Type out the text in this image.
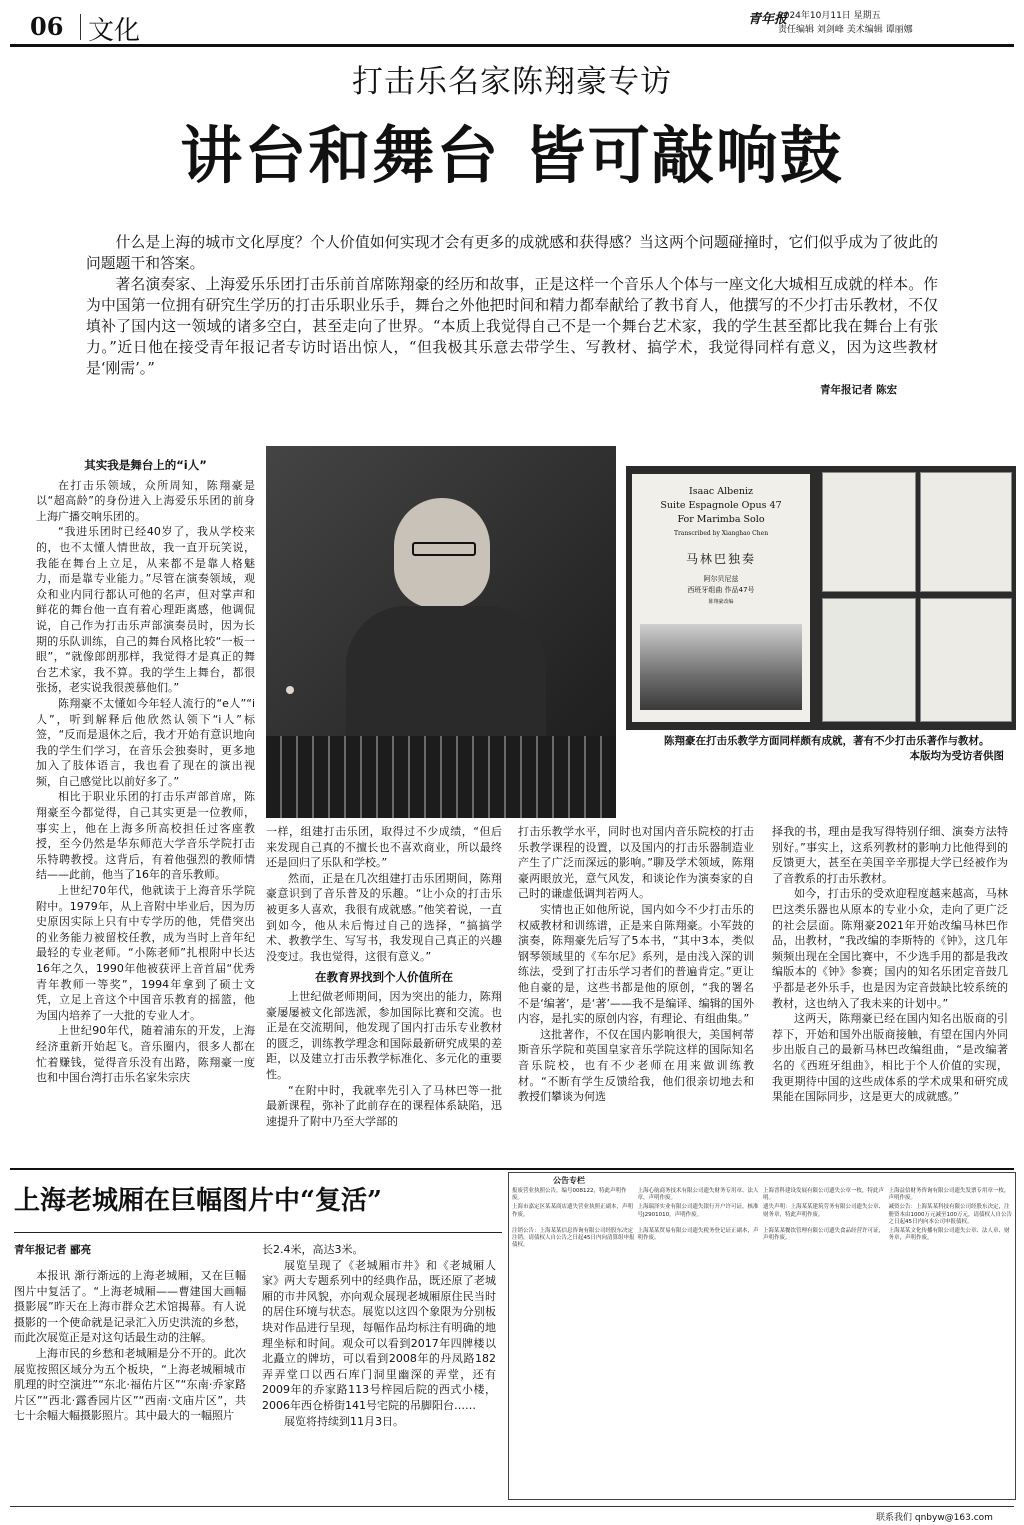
06 文化	青年报
2024年10月11日 星期五
责任编辑 刘剑峰 美术编辑 谭丽娜
打击乐名家陈翔豪专访
讲台和舞台 皆可敲响鼓

什么是上海的城市文化厚度？个人价值如何实现才会有更多的成就感和获得感？当这两个问题碰撞时，它们似乎成为了彼此的问题题干和答案。

著名演奏家、上海爱乐乐团打击乐前首席陈翔豪的经历和故事，正是这样一个音乐人个体与一座文化大城相互成就的样本。作为中国第一位拥有研究生学历的打击乐职业乐手，舞台之外他把时间和精力都奉献给了教书育人，他撰写的不少打击乐教材，不仅填补了国内这一领域的诸多空白，甚至走向了世界。“本质上我觉得自己不是一个舞台艺术家，我的学生甚至都比我在舞台上有张力。”近日他在接受青年报记者专访时语出惊人，“但我极其乐意去带学生、写教材、搞学术，我觉得同样有意义，因为这些教材是‘刚需’。”

青年报记者 陈宏
其实我是舞台上的“i人”

在打击乐领域，众所周知，陈翔豪是以“超高龄”的身份进入上海爱乐乐团的前身上海广播交响乐团的。

“我进乐团时已经40岁了，我从学校来的，也不太懂人情世故，我一直开玩笑说，我能在舞台上立足，从来都不是靠人格魅力，而是靠专业能力。”尽管在演奏领域，观众和业内同行都认可他的名声，但对掌声和鲜花的舞台他一直有着心理距离感，他调侃说，自己作为打击乐声部演奏员时，因为长期的乐队训练，自己的舞台风格比较“一板一眼”，“就像郎朗那样，我觉得才是真正的舞台艺术家，我不算。我的学生上舞台，都很张扬，老实说我很羡慕他们。”

陈翔豪不太懂如今年轻人流行的“e人”“i人”，听到解释后他欣然认领下“i人”标签，“反而是退休之后，我才开始有意识地向我的学生们学习，在音乐会独奏时，更多地加入了肢体语言，我也看了现在的演出视频，自己感觉比以前好多了。”

相比于职业乐团的打击乐声部首席，陈翔豪至今都觉得，自己其实更是一位教师，事实上，他在上海多所高校担任过客座教授，至今仍然是华东师范大学音乐学院打击乐特聘教授。这背后，有着他强烈的教师情结——此前，他当了16年的音乐教师。

上世纪70年代，他就读于上海音乐学院附中。1979年，从上音附中毕业后，因为历史原因实际上只有中专学历的他，凭借突出的业务能力被留校任教，成为当时上音年纪最轻的专业老师。“小陈老师”扎根附中长达16年之久，1990年他被获评上音首届“优秀青年教师一等奖”，1994年拿到了硕士文凭，立足上音这个中国音乐教育的摇篮，他为国内培养了一大批的专业人才。

上世纪90年代，随着浦东的开发，上海经济重新开始起飞。音乐圈内，很多人都在忙着赚钱，觉得音乐没有出路，陈翔豪一度也和中国台湾打击乐名家朱宗庆

Isaac Albeniz
Suite Espagnole Opus 47
For Marimba Solo
Transcribed by Xianghao Chen
马林巴独奏
阿尔贝尼兹
西班牙组曲 作品47号
陈翔豪改编
陈翔豪在打击乐教学方面同样颇有成就，著有不少打击乐著作与教材。
本版均为受访者供图

一样，组建打击乐团，取得过不少成绩，“但后来发现自己真的不擅长也不喜欢商业，所以最终还是回归了乐队和学校。”

然而，正是在几次组建打击乐团期间，陈翔豪意识到了音乐普及的乐趣。“让小众的打击乐被更多人喜欢，我很有成就感。”他笑着说，一直到如今，他从未后悔过自己的选择，“搞搞学术、教教学生、写写书，我发现自己真正的兴趣没变过。我也觉得，这很有意义。”

在教育界找到个人价值所在

上世纪做老师期间，因为突出的能力，陈翔豪屡屡被文化部选派，参加国际比赛和交流。也正是在交流期间，他发现了国内打击乐专业教材的匮乏，训练教学理念和国际最新研究成果的差距，以及建立打击乐教学标准化、多元化的重要性。

“在附中时，我就率先引入了马林巴等一批最新课程，弥补了此前存在的课程体系缺陷，迅速提升了附中乃至大学部的

打击乐教学水平，同时也对国内音乐院校的打击乐教学课程的设置，以及国内的打击乐器制造业产生了广泛而深远的影响。”聊及学术领域，陈翔豪两眼放光，意气风发，和谈论作为演奏家的自己时的谦虚低调判若两人。

实情也正如他所说，国内如今不少打击乐的权威教材和训练谱，正是来自陈翔豪。小军鼓的演奏，陈翔豪先后写了5本书，“其中3本，类似钢琴领域里的《车尔尼》系列，是由浅入深的训练法，受到了打击乐学习者们的普遍肯定。”更让他自豪的是，这些书都是他的原创，“我的署名不是‘编著’，是‘著’——我不是编译、编辑的国外内容，是扎实的原创内容，有理论、有组曲集。”

这批著作，不仅在国内影响很大，美国柯蒂斯音乐学院和英国皇家音乐学院这样的国际知名音乐院校，也有不少老师在用来做训练教材。“不断有学生反馈给我，他们很亲切地去和教授们攀谈为何选

择我的书，理由是我写得特别仔细、演奏方法特别好。”事实上，这系列教材的影响力比他得到的反馈更大，甚至在美国辛辛那提大学已经被作为了音教系的打击乐教材。

如今，打击乐的受欢迎程度越来越高，马林巴这类乐器也从原本的专业小众，走向了更广泛的社会层面。陈翔豪2021年开始改编马林巴作品，出教材，“我改编的李斯特的《钟》，这几年频频出现在全国比赛中，不少选手用的都是我改编版本的《钟》参赛；国内的知名乐团定音鼓几乎都是老外乐手，也是因为定音鼓缺比较系统的教材，这也纳入了我未来的计划中。”

这两天，陈翔豪已经在国内知名出版商的引荐下，开始和国外出版商接触，有望在国内外同步出版自己的最新马林巴改编组曲，“是改编著名的《西班牙组曲》，相比于个人价值的实现，我更期待中国的这些成体系的学术成果和研究成果能在国际同步，这是更大的成就感。”

上海老城厢在巨幅图片中“复活”
青年报记者 郦亮

本报讯 渐行渐远的上海老城厢，又在巨幅图片中复活了。“上海老城厢——曹建国大画幅摄影展”昨天在上海市群众艺术馆揭幕。有人说摄影的一个使命就是记录汇入历史洪流的乡愁，而此次展览正是对这句话最生动的注解。

上海市民的乡愁和老城厢是分不开的。此次展览按照区域分为五个板块，“上海老城厢城市肌理的时空演进”“东北·福佑片区”“东南·乔家路片区”“西北·露香园片区”“西南·文庙片区”，共七十余幅大幅摄影照片。其中最大的一幅照片

长2.4米，高达3米。

展览呈现了《老城厢市井》和《老城厢人家》两大专题系列中的经典作品，既还原了老城厢的市井风貌，亦向观众展现老城厢原住民当时的居住环境与状态。展览以这四个象限为分别板块对作品进行呈现，每幅作品均标注有明确的地理坐标和时间。观众可以看到2017年四牌楼以北矗立的牌坊，可以看到2008年的丹凤路182弄弄堂口以西石库门洞里幽深的弄堂，还有2009年的乔家路113号梓园后院的西式小楼，2006年西仓桥街141号宅院的吊脚阳台……

展览将持续到11月3日。

公告专栏
报废营业执照公告，编号008122，特此声明作废。
上海心航商务技术有限公司遗失财务专用章、法人章，声明作废。
上海晋科建设发展有限公司遗失公章一枚，特此声明。
上海益信财务咨询有限公司遗失发票专用章一枚，声明作废。
上海市嘉定区某某商店遗失营业执照正副本，声明作废。
上海瑞泽实业有限公司遗失银行开户许可证，核准号J2901010，声明作废。
遗失声明：上海某某建筑劳务有限公司遗失公章、财务章，特此声明作废。
减资公告：上海某某科技有限公司经股东决定，注册资本由1000万元减至100万元，请债权人自公告之日起45日内向本公司申报债权。
注销公告：上海某某信息咨询有限公司经股东决定注销，请债权人自公告之日起45日内向清算组申报债权。
上海某某贸易有限公司遗失税务登记证正副本，声明作废。
上海某某餐饮管理有限公司遗失食品经营许可证，声明作废。
上海某某文化传播有限公司遗失公章、法人章、财务章，声明作废。
联系我们 qnbyw@163.com
